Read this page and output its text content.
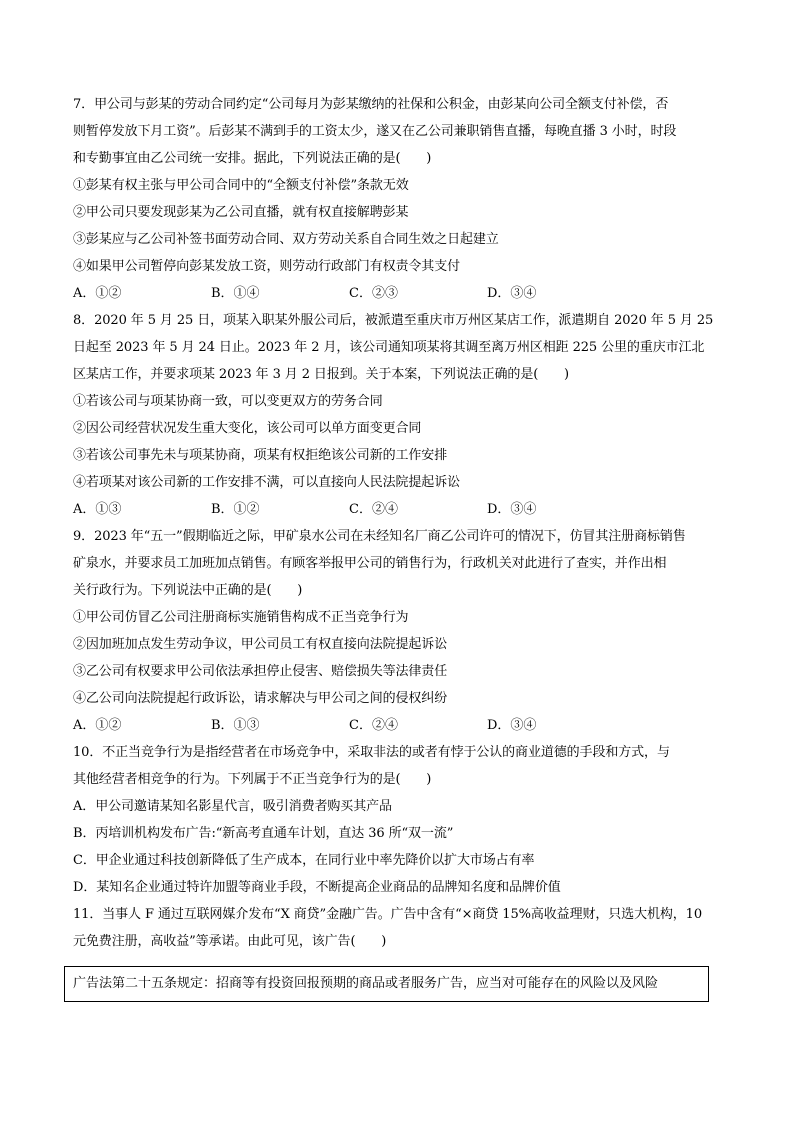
7．甲公司与彭某的劳动合同约定“公司每月为彭某缴纳的社保和公积金，由彭某向公司全额支付补偿，否

则暂停发放下月工资”。后彭某不满到手的工资太少，遂又在乙公司兼职销售直播，每晚直播 3 小时，时段

和专勤事宜由乙公司统一安排。据此，下列说法正确的是(　　)

①彭某有权主张与甲公司合同中的“全额支付补偿”条款无效

②甲公司只要发现彭某为乙公司直播，就有权直接解聘彭某

③彭某应与乙公司补签书面劳动合同、双方劳动关系自合同生效之日起建立

④如果甲公司暂停向彭某发放工资，则劳动行政部门有权责令其支付

A．①②	B．①④	C．②③	D．③④

8．2020 年 5 月 25 日，项某入职某外服公司后，被派遣至重庆市万州区某店工作，派遣期自 2020 年 5 月 25

日起至 2023 年 5 月 24 日止。2023 年 2 月，该公司通知项某将其调至离万州区相距 225 公里的重庆市江北

区某店工作，并要求项某 2023 年 3 月 2 日报到。关于本案，下列说法正确的是(　　)

①若该公司与项某协商一致，可以变更双方的劳务合同

②因公司经营状况发生重大变化，该公司可以单方面变更合同

③若该公司事先未与项某协商，项某有权拒绝该公司新的工作安排

④若项某对该公司新的工作安排不满，可以直接向人民法院提起诉讼

A．①③	B．①②	C．②④	D．③④

9．2023 年“五一”假期临近之际，甲矿泉水公司在未经知名厂商乙公司许可的情况下，仿冒其注册商标销售

矿泉水，并要求员工加班加点销售。有顾客举报甲公司的销售行为，行政机关对此进行了查实，并作出相

关行政行为。下列说法中正确的是(　　)

①甲公司仿冒乙公司注册商标实施销售构成不正当竞争行为

②因加班加点发生劳动争议，甲公司员工有权直接向法院提起诉讼

③乙公司有权要求甲公司依法承担停止侵害、赔偿损失等法律责任

④乙公司向法院提起行政诉讼，请求解决与甲公司之间的侵权纠纷

A．①②	B．①③	C．②④	D．③④

10．不正当竞争行为是指经营者在市场竞争中，采取非法的或者有悖于公认的商业道德的手段和方式，与

其他经营者相竞争的行为。下列属于不正当竞争行为的是(　　)

A．甲公司邀请某知名影星代言，吸引消费者购买其产品

B．丙培训机构发布广告:“新高考直通车计划，直达 36 所“双一流”

C．甲企业通过科技创新降低了生产成本，在同行业中率先降价以扩大市场占有率

D．某知名企业通过特许加盟等商业手段，不断提高企业商品的品牌知名度和品牌价值

11．当事人 F 通过互联网媒介发布“X 商贷”金融广告。广告中含有“×商贷 15%高收益理财，只选大机构，10

元免费注册，高收益”等承诺。由此可见，该广告(　　)

广告法第二十五条规定：招商等有投资回报预期的商品或者服务广告，应当对可能存在的风险以及风险
